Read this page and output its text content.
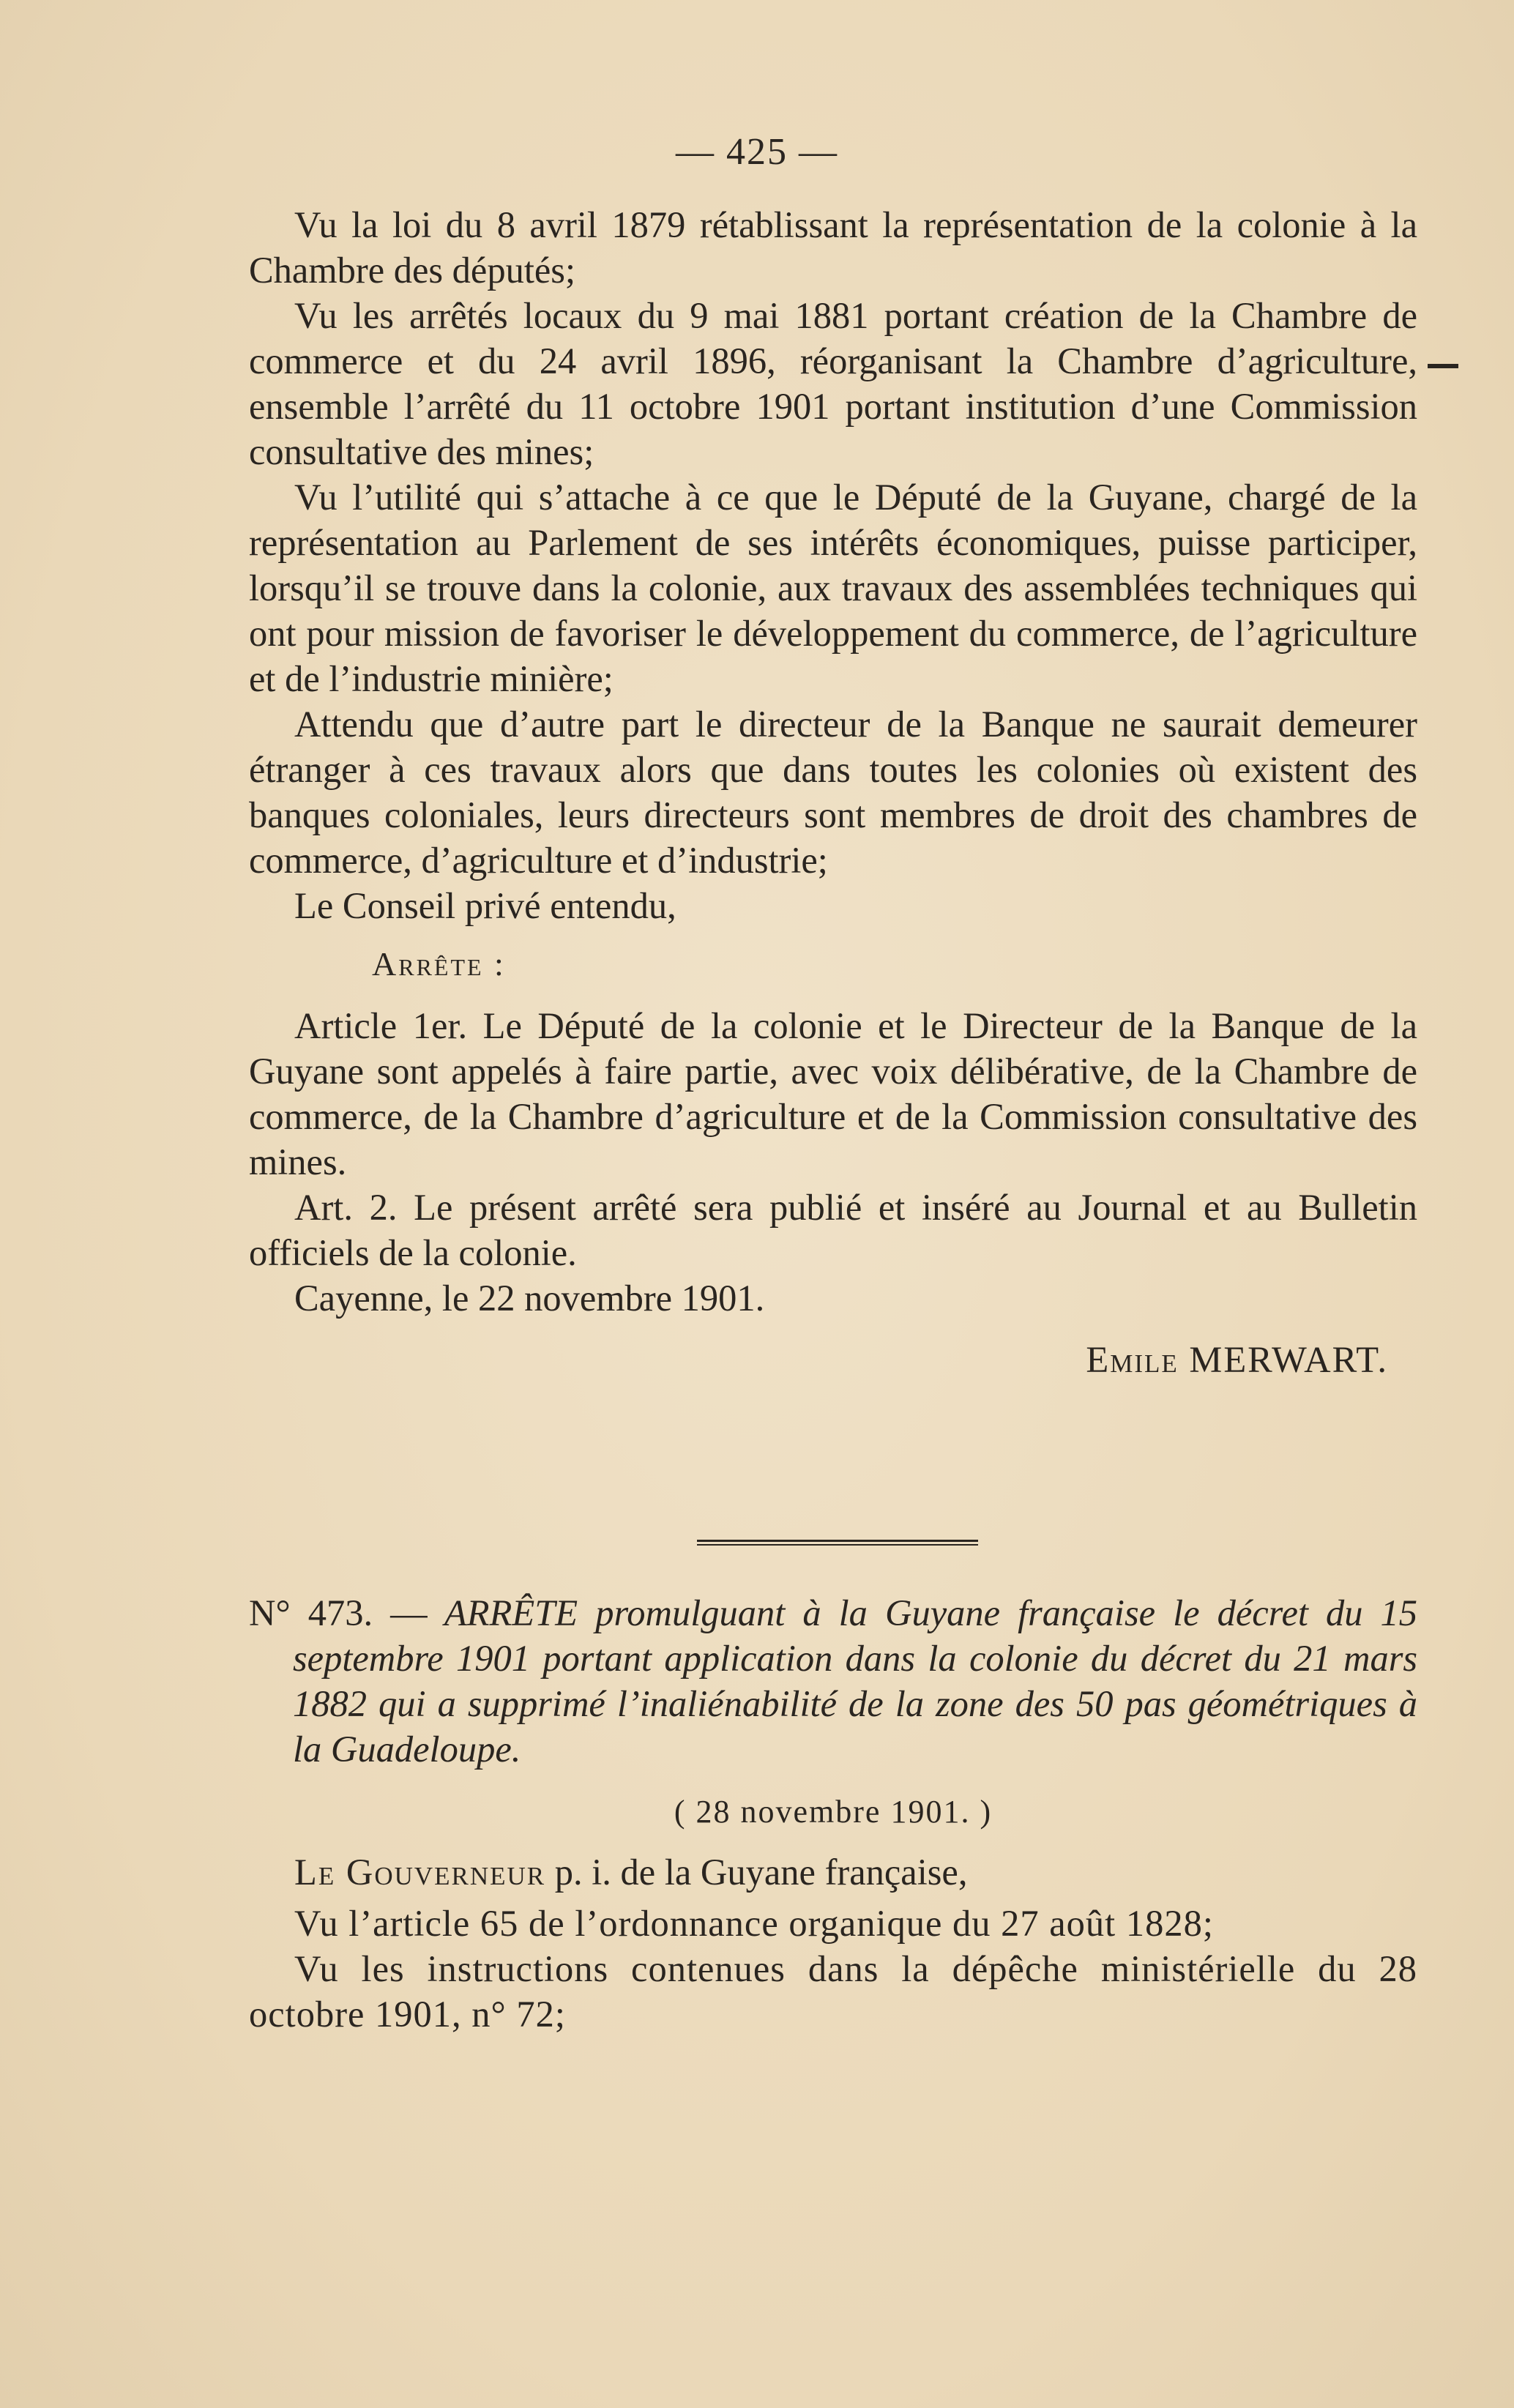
— 425 —

Vu la loi du 8 avril 1879 rétablissant la représentation de la colonie à la Chambre des députés;

Vu les arrêtés locaux du 9 mai 1881 portant création de la Chambre de commerce et du 24 avril 1896, réorganisant la Chambre d’agriculture, ensemble l’arrêté du 11 octobre 1901 portant institution d’une Commission consultative des mines;

Vu l’utilité qui s’attache à ce que le Député de la Guyane, chargé de la représentation au Parlement de ses intérêts économiques, puisse participer, lorsqu’il se trouve dans la colonie, aux travaux des assemblées techniques qui ont pour mission de favoriser le développement du commerce, de l’agriculture et de l’industrie minière;

Attendu que d’autre part le directeur de la Banque ne saurait demeurer étranger à ces travaux alors que dans toutes les colonies où existent des banques coloniales, leurs directeurs sont membres de droit des chambres de commerce, d’agriculture et d’industrie;

Le Conseil privé entendu,

Arrête :

Article 1er. Le Député de la colonie et le Directeur de la Banque de la Guyane sont appelés à faire partie, avec voix délibérative, de la Chambre de commerce, de la Chambre d’agriculture et de la Commission consultative des mines.

Art. 2. Le présent arrêté sera publié et inséré au Journal et au Bulletin officiels de la colonie.

Cayenne, le 22 novembre 1901.

Emile MERWART.

N° 473. — ARRÊTE promulguant à la Guyane française le décret du 15 septembre 1901 portant application dans la colonie du décret du 21 mars 1882 qui a supprimé l’inaliénabilité de la zone des 50 pas géométriques à la Guadeloupe.

( 28 novembre 1901. )

Le Gouverneur p. i. de la Guyane française,

Vu l’article 65 de l’ordonnance organique du 27 août 1828;

Vu les instructions contenues dans la dépêche ministérielle du 28 octobre 1901, n° 72;
